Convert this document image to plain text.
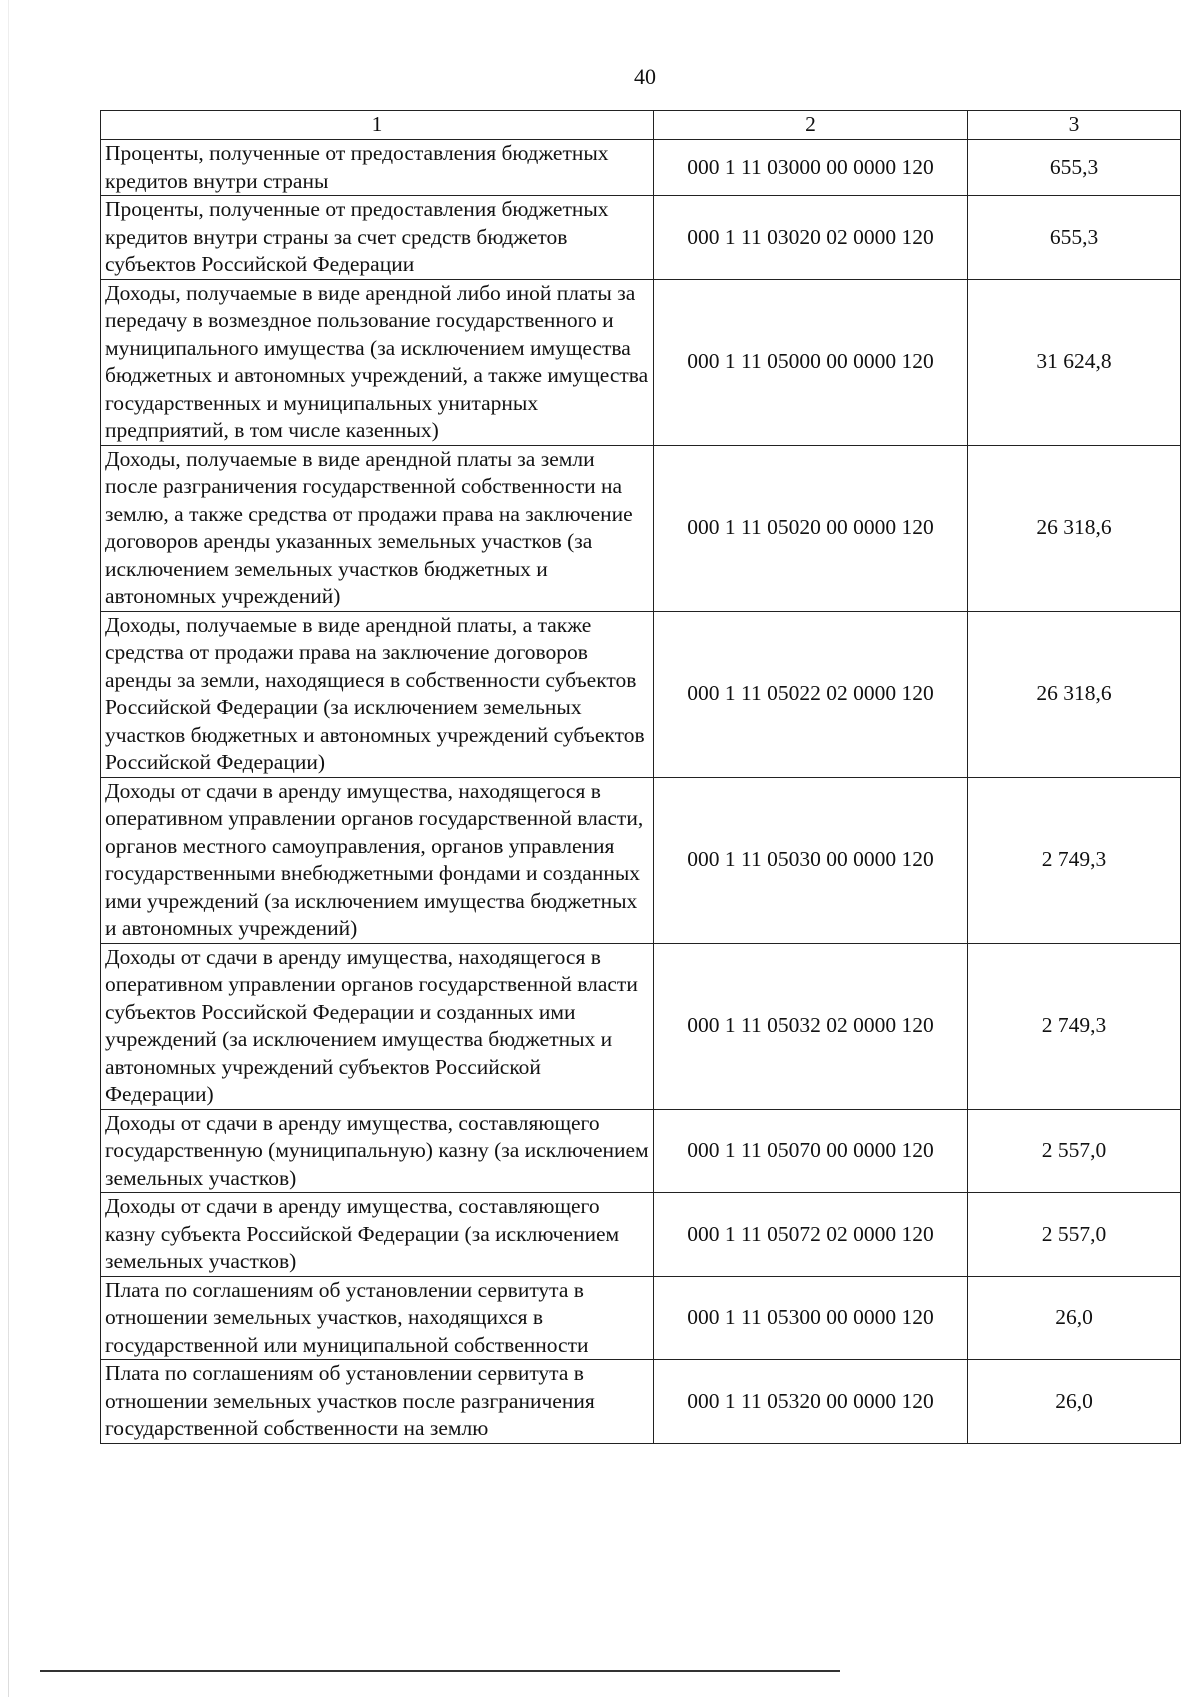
40
1	2	3
Проценты, полученные от предоставления бюджетных кредитов внутри страны	000 1 11 03000 00 0000 120	655,3
Проценты, полученные от предоставления бюджетных кредитов внутри страны за счет средств бюджетов субъектов Российской Федерации	000 1 11 03020 02 0000 120	655,3
Доходы, получаемые в виде арендной либо иной платы за передачу в возмездное пользование государственного и муниципального имущества (за исключением имущества бюджетных и автономных учреждений, а также имущества государственных и муниципальных унитарных предприятий, в том числе казенных)	000 1 11 05000 00 0000 120	31 624,8
Доходы, получаемые в виде арендной платы за земли после разграничения государственной собственности на землю, а также средства от продажи права на заключение договоров аренды указанных земельных участков (за исключением земельных участков бюджетных и автономных учреждений)	000 1 11 05020 00 0000 120	26 318,6
Доходы, получаемые в виде арендной платы, а также средства от продажи права на заключение договоров аренды за земли, находящиеся в собственности субъектов Российской Федерации (за исключением земельных участков бюджетных и автономных учреждений субъектов Российской Федерации)	000 1 11 05022 02 0000 120	26 318,6
Доходы от сдачи в аренду имущества, находящегося в оперативном управлении органов государственной власти, органов местного самоуправления, органов управления государственными внебюджетными фондами и созданных ими учреждений (за исключением имущества бюджетных и автономных учреждений)	000 1 11 05030 00 0000 120	2 749,3
Доходы от сдачи в аренду имущества, находящегося в оперативном управлении органов государственной власти субъектов Российской Федерации и созданных ими учреждений (за исключением имущества бюджетных и автономных учреждений субъектов Российской Федерации)	000 1 11 05032 02 0000 120	2 749,3
Доходы от сдачи в аренду имущества, составляющего государственную (муниципальную) казну (за исключением земельных участков)	000 1 11 05070 00 0000 120	2 557,0
Доходы от сдачи в аренду имущества, составляющего казну субъекта Российской Федерации (за исключением земельных участков)	000 1 11 05072 02 0000 120	2 557,0
Плата по соглашениям об установлении сервитута в отношении земельных участков, находящихся в государственной или муниципальной собственности	000 1 11 05300 00 0000 120	26,0
Плата по соглашениям об установлении сервитута в отношении земельных участков после разграничения государственной собственности на землю	000 1 11 05320 00 0000 120	26,0
